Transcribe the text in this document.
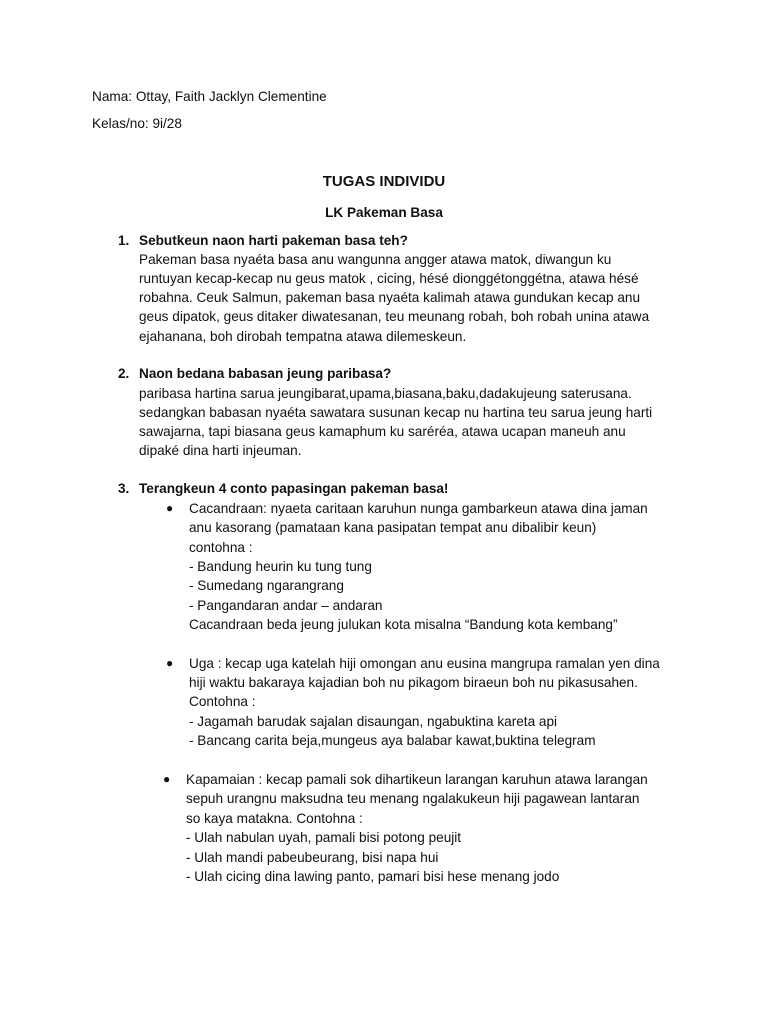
Nama: Ottay, Faith Jacklyn Clementine
Kelas/no: 9i/28
TUGAS INDIVIDU
LK Pakeman Basa
1. Sebutkeun naon harti pakeman basa teh?
Pakeman basa nyaéta basa anu wangunna angger atawa matok, diwangun ku
runtuyan kecap-kecap nu geus matok , cicing, hésé dionggétonggétna, atawa hésé
robahna. Ceuk Salmun, pakeman basa nyaéta kalimah atawa gundukan kecap anu
geus dipatok, geus ditaker diwatesanan, teu meunang robah, boh robah unina atawa
ejahanana, boh dirobah tempatna atawa dilemeskeun.
2. Naon bedana babasan jeung paribasa?
paribasa hartina sarua jeungibarat,upama,biasana,baku,dadakujeung saterusana.
sedangkan babasan nyaéta sawatara susunan kecap nu hartina teu sarua jeung harti
sawajarna, tapi biasana geus kamaphum ku saréréa, atawa ucapan maneuh anu
dipaké dina harti injeuman.
3. Terangkeun 4 conto papasingan pakeman basa!
● Cacandraan: nyaeta caritaan karuhun nunga gambarkeun atawa dina jaman
anu kasorang (pamataan kana pasipatan tempat anu dibalibir keun)
contohna :
- Bandung heurin ku tung tung
- Sumedang ngarangrang
- Pangandaran andar – andaran
Cacandraan beda jeung julukan kota misalna “Bandung kota kembang”
● Uga : kecap uga katelah hiji omongan anu eusina mangrupa ramalan yen dina
hiji waktu bakaraya kajadian boh nu pikagom biraeun boh nu pikasusahen.
Contohna :
- Jagamah barudak sajalan disaungan, ngabuktina kareta api
- Bancang carita beja,mungeus aya balabar kawat,buktina telegram
● Kapamaian : kecap pamali sok dihartikeun larangan karuhun atawa larangan
sepuh urangnu maksudna teu menang ngalakukeun hiji pagawean lantaran
so kaya matakna. Contohna :
- Ulah nabulan uyah, pamali bisi potong peujit
- Ulah mandi pabeubeurang, bisi napa hui
- Ulah cicing dina lawing panto, pamari bisi hese menang jodo
